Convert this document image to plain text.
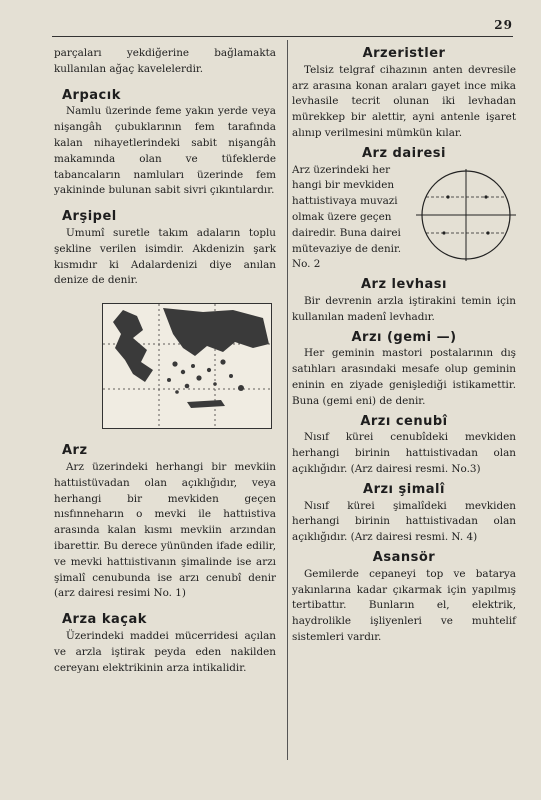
29

parçaları yekdiğerine bağlamakta kullanılan ağaç kavelelerdir.

Arpacık

Namlu üzerinde feme yakın yerde veya nişangâh çubuklarının fem tarafında kalan nihayetlerindeki sabit nişangâh makamında olan ve tüfeklerde tabancaların namluları üzerinde fem yakininde bulunan sabit sivri çıkıntılardır.

Arşipel

Umumî suretle takım adaların toplu şekline verilen isimdir. Akdenizin şark kısmıdır ki Adalardenizi diye anılan denize de denir.

Arz

Arz üzerindeki herhangi bir mevkiin hattıistüvadan olan açıklığıdır, veya herhangi bir mevkiden geçen nısfınneharın o mevki ile hattıistiva arasında kalan kısmı mevkiin arzından ibarettir. Bu derece yününden ifade edilir, ve mevki hattıistivanın şimalinde ise arzı şimalî cenubunda ise arzı cenubî denir (arz dairesi resimi No. 1)

Arza kaçak

Üzerindeki maddei mücerridesi açılan ve arzla iştirak peyda eden nakilden cereyanı elektrikinin arza intikalidir.

Arzeristler

Telsiz telgraf cihazının anten devresile arz arasına konan araları gayet ince mika levhasile tecrit olunan iki levhadan mürekkep bir alettir, ayni antenle işaret alınıp verilmesini mümkün kılar.

Arz dairesi

Arz üzerindeki her hangi bir mevkiden hattıistivaya muvazi olmak üzere geçen dairedir. Buna dairei mütevaziye de denir. No. 2

Arz levhası

Bir devrenin arzla iştirakini temin için kullanılan madenî levhadır.

Arzı (gemi —)

Her geminin mastori postalarının dış satıhları arasındaki mesafe olup geminin eninin en ziyade genişlediği istikamettir. Buna (gemi eni) de denir.

Arzı cenubî

Nısıf kürei cenubîdeki mevkiden herhangi birinin hattıistivadan olan açıklığıdır. (Arz dairesi resmi. No.3)

Arzı şimalî

Nısıf kürei şimalîdeki mevkiden herhangi birinin hattıistivadan olan açıklığıdır. (Arz dairesi resmi. N. 4)

Asansör

Gemilerde cepaneyi top ve batarya yakınlarına kadar çıkarmak için yapılmış tertibattır. Bunların el, elektrik, haydrolikle işliyenleri ve muhtelif sistemleri vardır.
